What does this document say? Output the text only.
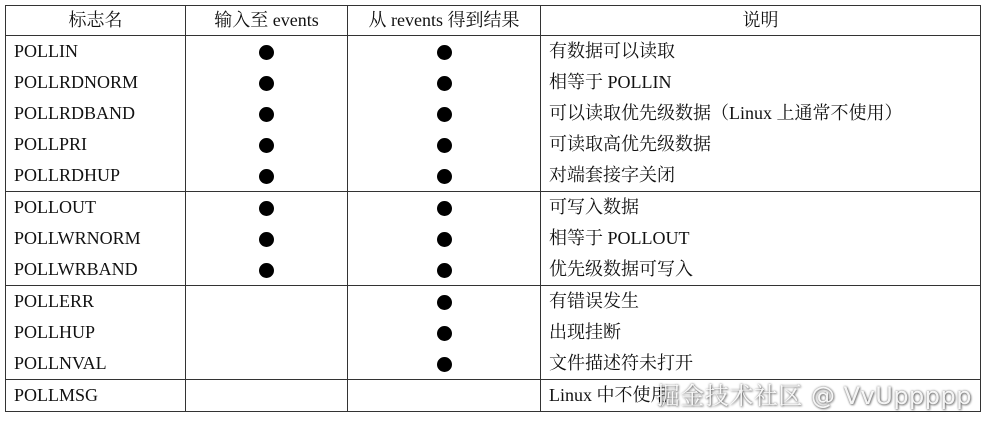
标志名	输入至 events	从 revents 得到结果	说明
POLLIN			有数据可以读取
POLLRDNORM			相等于 POLLIN
POLLRDBAND			可以读取优先级数据（Linux 上通常不使用）
POLLPRI			可读取高优先级数据
POLLRDHUP			对端套接字关闭
POLLOUT			可写入数据
POLLWRNORM			相等于 POLLOUT
POLLWRBAND			优先级数据可写入
POLLERR			有错误发生
POLLHUP			出现挂断
POLLNVAL			文件描述符未打开
POLLMSG			Linux 中不使用
掘金技术社区 @ VvUppppp
